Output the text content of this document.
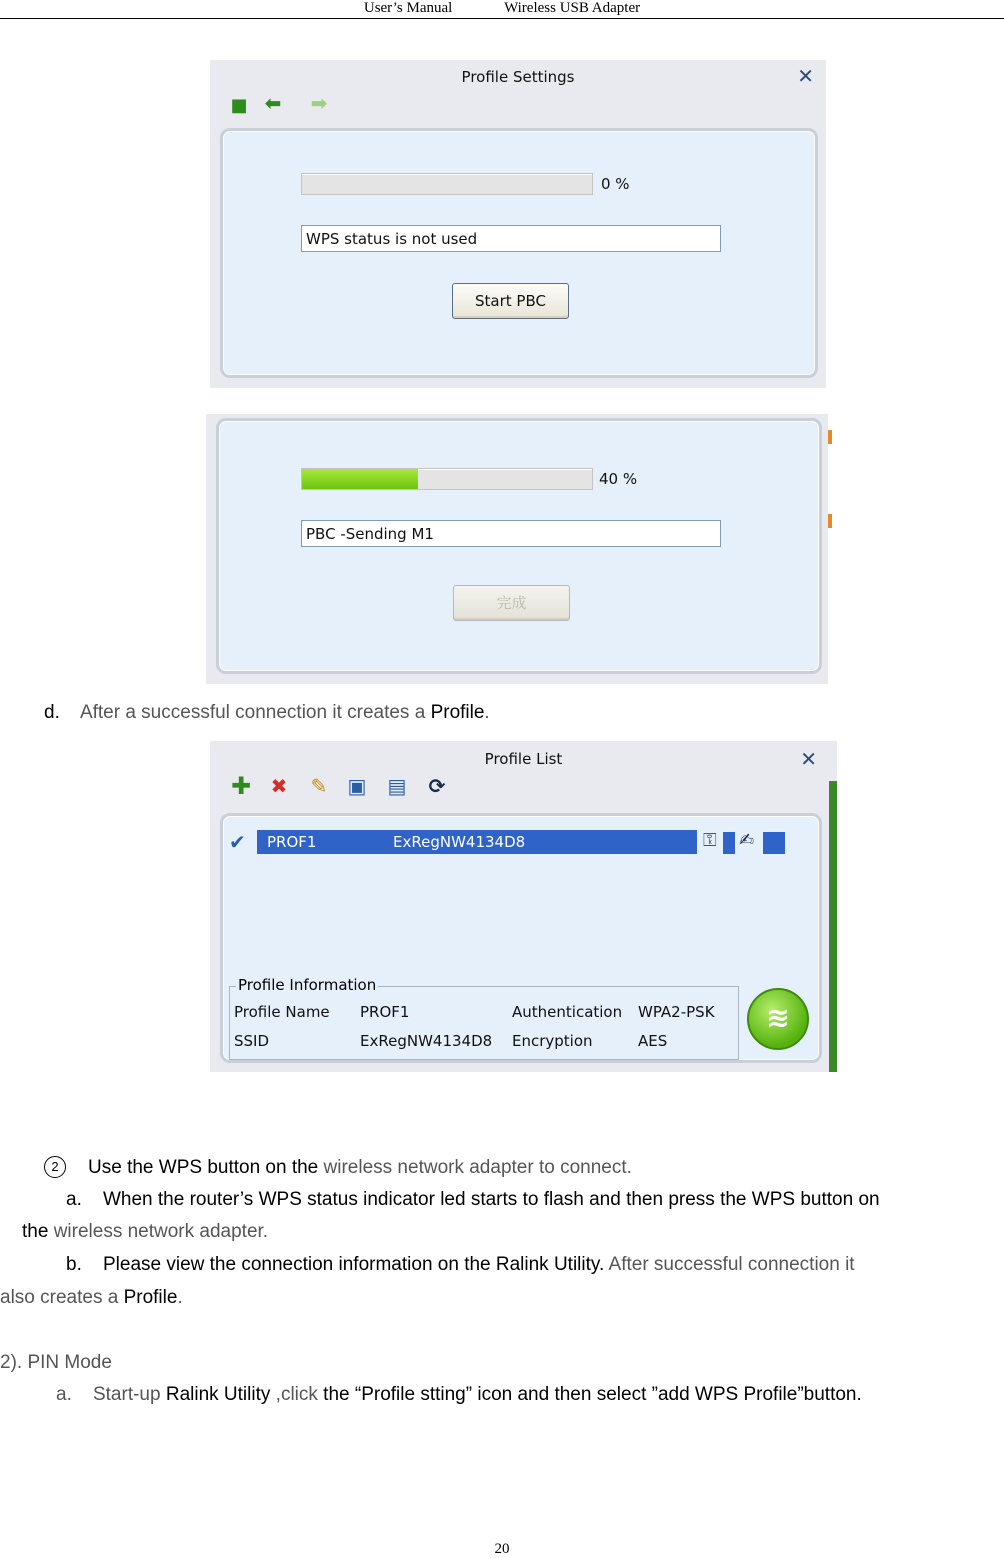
User’s Manual	Wireless USB Adapter
Profile Settings	✕
■ ⬅ ➡
0 %
WPS status is not used
Start PBC
40 %
PBC -Sending M1
完成
d. After a successful connection it creates a Profile.
Profile List	✕
✚ ✖ ✎ ▣ ▤ ⟳
✔ PROF1	ExRegNW4134D8	⚿ ✍
Profile Information
Profile Name PROF1	Authentication WPA2-PSK
SSID	ExRegNW4134D8 Encryption	AES
≋
2	Use the WPS button on the wireless network adapter to connect.
a. When the router’s WPS status indicator led starts to flash and then press the WPS button on
the wireless network adapter.
b. Please view the connection information on the Ralink Utility. After successful connection it
also creates a Profile.
2). PIN Mode
a. Start-up Ralink Utility ,click the “Profile stting” icon and then select ”add WPS Profile”button.
20
